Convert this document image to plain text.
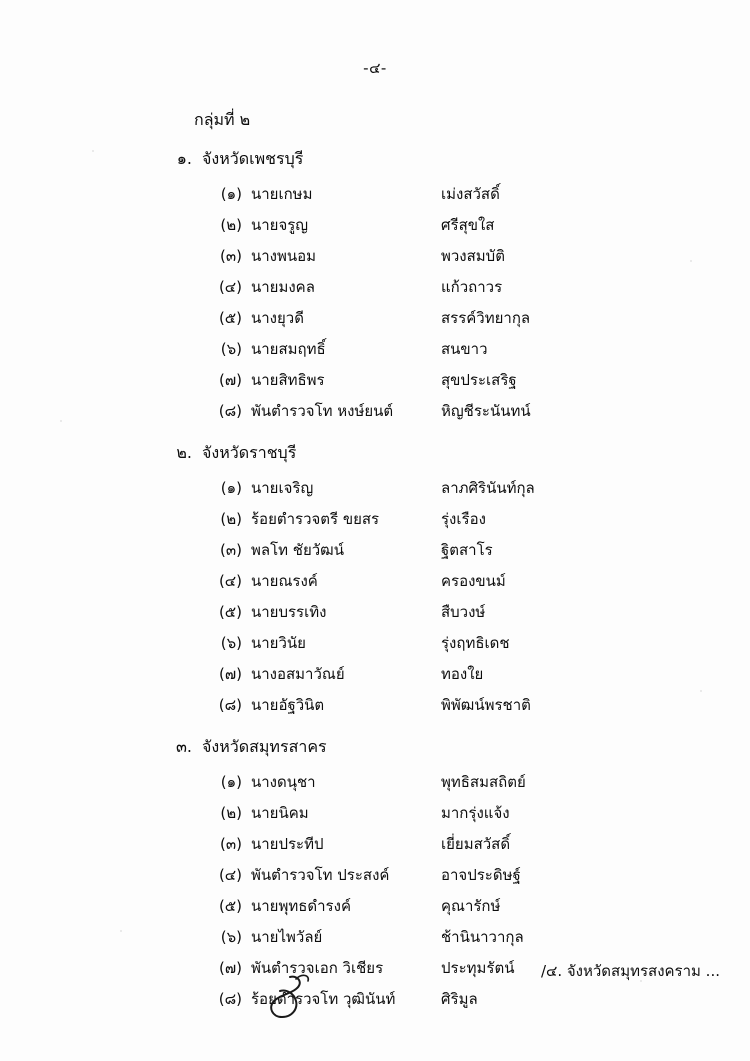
-๔-
กลุ่มที่ ๒
๑. จังหวัดเพชรบุรี
(๑) นายเกษม	เม่งสวัสดิ์
(๒) นายจรูญ	ศรีสุขใส
(๓) นางพนอม	พวงสมบัติ
(๔) นายมงคล	แก้วถาวร
(๕) นางยุวดี	สรรค์วิทยากุล
(๖) นายสมฤทธิ์	สนขาว
(๗) นายสิทธิพร	สุขประเสริฐ
(๘) พันตำรวจโท หงษ์ยนต์	หิญชีระนันทน์
๒. จังหวัดราชบุรี
(๑) นายเจริญ	ลาภศิรินันท์กุล
(๒) ร้อยตำรวจตรี ขยสร	รุ่งเรือง
(๓) พลโท ชัยวัฒน์	ฐิตสาโร
(๔) นายณรงค์	ครองขนม์
(๕) นายบรรเทิง	สืบวงษ์
(๖) นายวินัย	รุ่งฤทธิเดช
(๗) นางอสมาวัณย์	ทองใย
(๘) นายอัฐวินิต	พิพัฒน์พรชาติ
๓. จังหวัดสมุทรสาคร
(๑) นางดนุชา	พุทธิสมสถิตย์
(๒) นายนิคม	มากรุ่งแจ้ง
(๓) นายประทีป	เยี่ยมสวัสดิ์
(๔) พันตำรวจโท ประสงค์	อาจประดิษฐ์
(๕) นายพุทธดำรงค์	คุณารักษ์
(๖) นายไพวัลย์	ช้านินาวากุล
(๗) พันตำรวจเอก วิเชียร	ประทุมรัตน์
(๘) ร้อยตำรวจโท วุฒินันท์	ศิริมูล
/๔. จังหวัดสมุทรสงคราม ...
